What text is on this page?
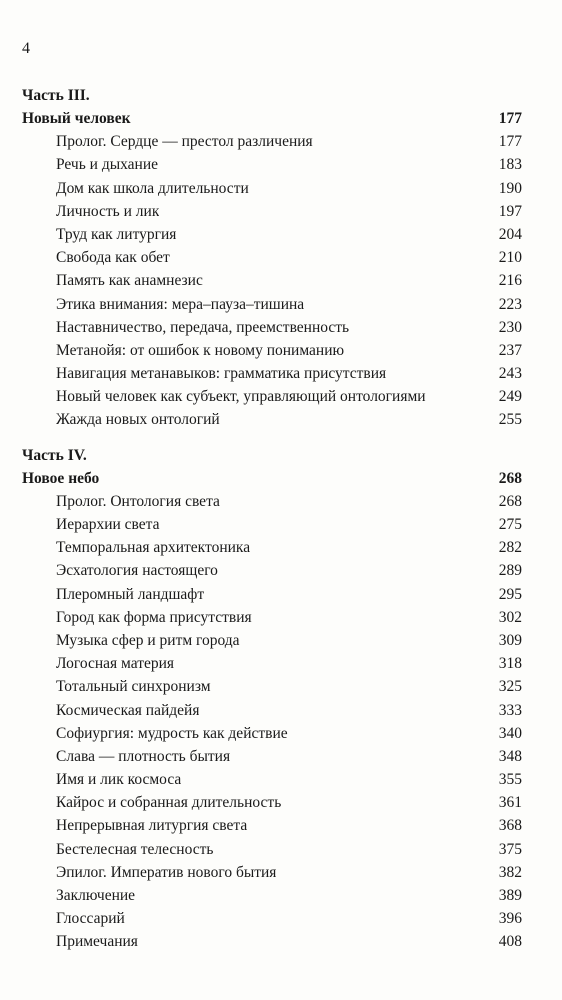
4
Часть III.
Новый человек	177
Пролог. Сердце — престол различения	177
Речь и дыхание	183
Дом как школа длительности	190
Личность и лик	197
Труд как литургия	204
Свобода как обет	210
Память как анамнезис	216
Этика внимания: мера–пауза–тишина	223
Наставничество, передача, преемственность	230
Метанойя: от ошибок к новому пониманию	237
Навигация метанавыков: грамматика присутствия	243
Новый человек как субъект, управляющий онтологиями	249
Жажда новых онтологий	255
Часть IV.
Новое небо	268
Пролог. Онтология света	268
Иерархии света	275
Темпоральная архитектоника	282
Эсхатология настоящего	289
Плеромный ландшафт	295
Город как форма присутствия	302
Музыка сфер и ритм города	309
Логосная материя	318
Тотальный синхронизм	325
Космическая пайдейя	333
Софиургия: мудрость как действие	340
Слава — плотность бытия	348
Имя и лик космоса	355
Кайрос и собранная длительность	361
Непрерывная литургия света	368
Бестелесная телесность	375
Эпилог. Императив нового бытия	382
Заключение	389
Глоссарий	396
Примечания	408
